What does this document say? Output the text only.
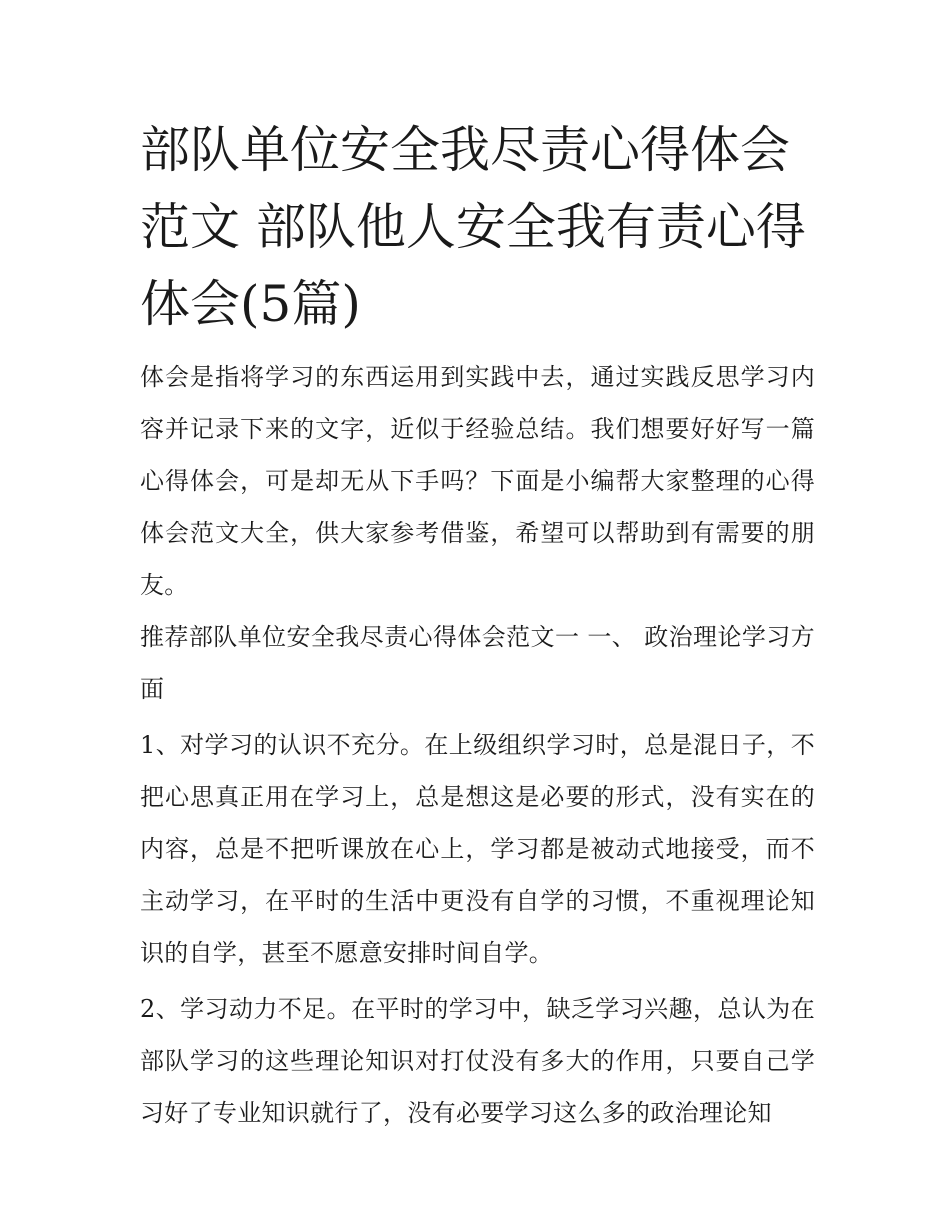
部队单位安全我尽责心得体会范文 部队他人安全我有责心得体会(5篇)

体会是指将学习的东西运用到实践中去，通过实践反思学习内容并记录下来的文字，近似于经验总结。我们想要好好写一篇心得体会，可是却无从下手吗？下面是小编帮大家整理的心得体会范文大全，供大家参考借鉴，希望可以帮助到有需要的朋友。

推荐部队单位安全我尽责心得体会范文一 一、 政治理论学习方面

1、对学习的认识不充分。在上级组织学习时，总是混日子，不把心思真正用在学习上，总是想这是必要的形式，没有实在的内容，总是不把听课放在心上，学习都是被动式地接受，而不主动学习，在平时的生活中更没有自学的习惯，不重视理论知识的自学，甚至不愿意安排时间自学。

2、学习动力不足。在平时的学习中，缺乏学习兴趣，总认为在部队学习的这些理论知识对打仗没有多大的作用，只要自己学习好了专业知识就行了，没有必要学习这么多的政治理论知
